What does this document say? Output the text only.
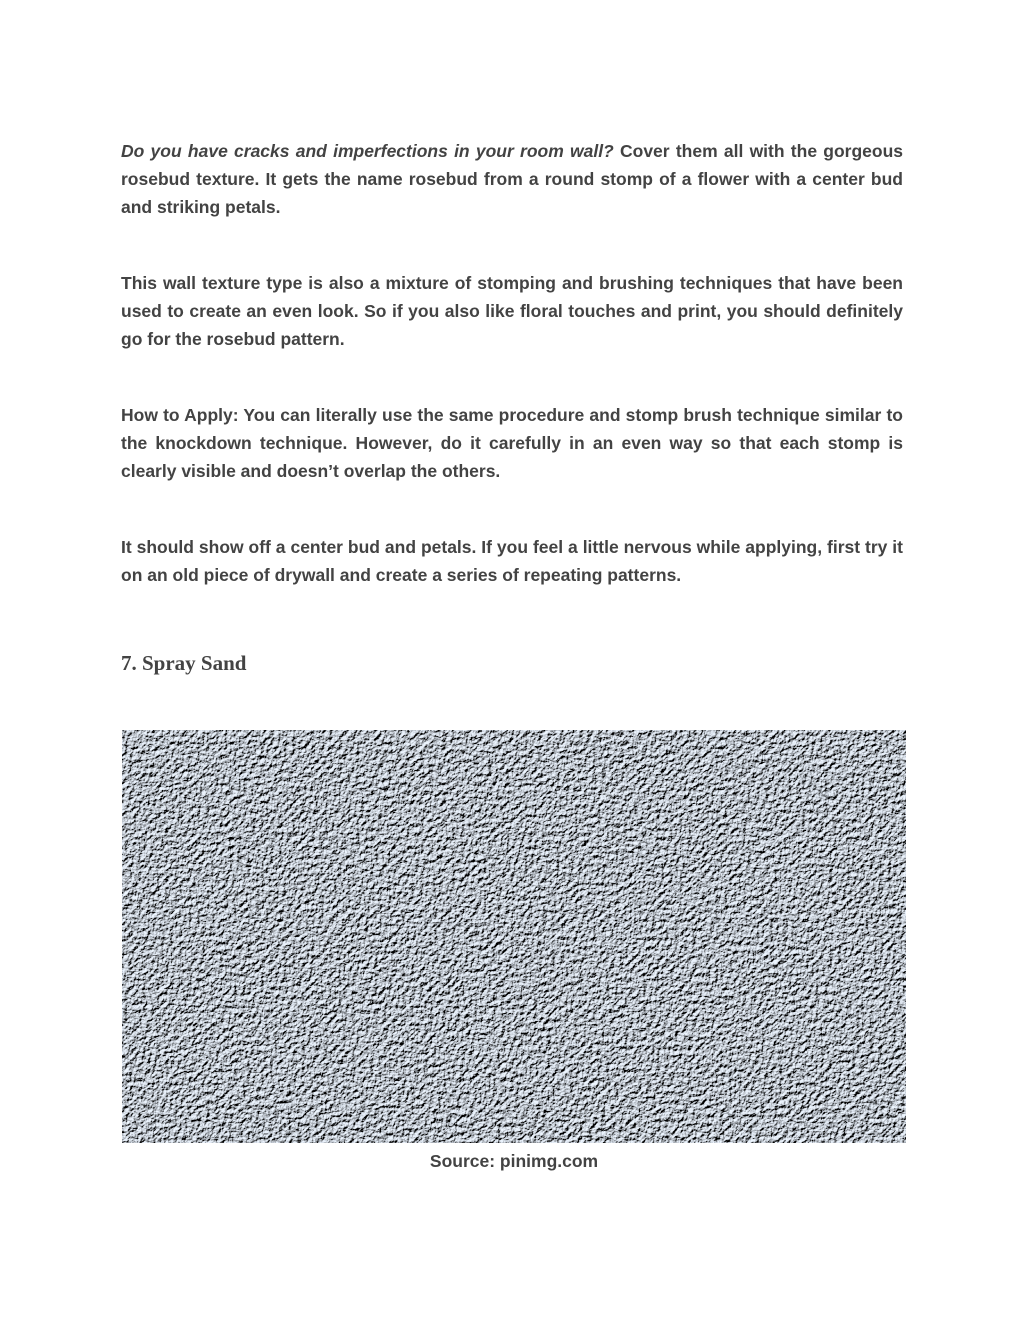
Do you have cracks and imperfections in your room wall? Cover them all with the gorgeous rosebud texture. It gets the name rosebud from a round stomp of a flower with a center bud and striking petals.

This wall texture type is also a mixture of stomping and brushing techniques that have been used to create an even look. So if you also like floral touches and print, you should definitely go for the rosebud pattern.

How to Apply: You can literally use the same procedure and stomp brush technique similar to the knockdown technique. However, do it carefully in an even way so that each stomp is clearly visible and doesn’t overlap the others.

It should show off a center bud and petals. If you feel a little nervous while applying, first try it on an old piece of drywall and create a series of repeating patterns.

7. Spray Sand
Source: pinimg.com
